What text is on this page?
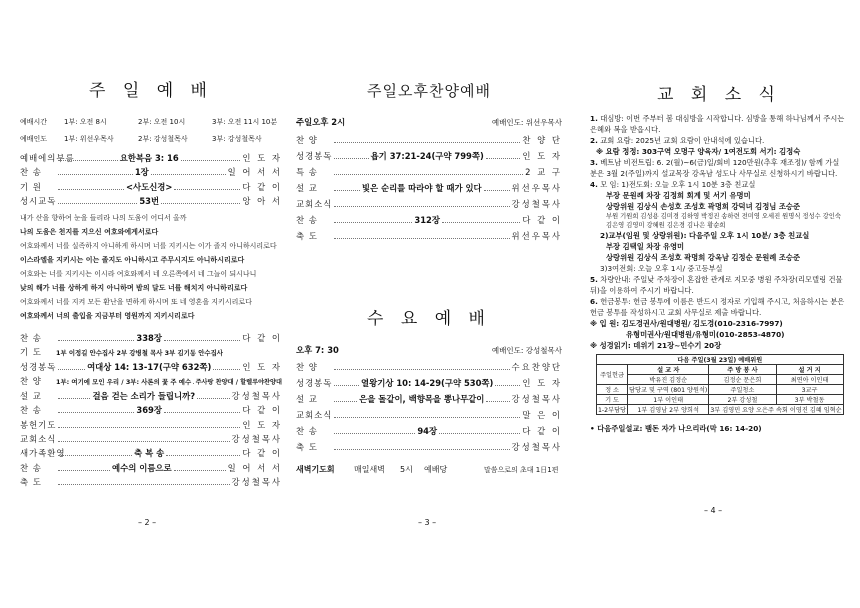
주 일 예 배
예배시간	1부: 오전 8시	2부: 오전 10시	3부: 오전 11시 10분
예배인도	1부: 위선우목사	2부: 강성철목사	3부: 강성철목사
예배에의부름	요한복음 3: 16	인 도 자
찬 송	1장	일 어 서 서
기 원	<사도신경>	다 같 이
성시교독	53번	앙 아 서
내가 산을 향하여 눈을 들리라 나의 도움이 어디서 올까
나의 도움은 천지를 지으신 여호와에게서로다
여호와께서 너를 실족하지 아니하게 하시며 너를 지키시는 이가 졸지 아니하시리로다
이스라엘을 지키시는 이는 졸지도 아니하시고 주무시지도 아니하시리로다
여호와는 너를 지키시는 이시라 여호와께서 네 오른쪽에서 네 그늘이 되시나니
낮의 해가 너를 상하게 하지 아니하며 밤의 달도 너를 해치지 아니하리로다
여호와께서 너를 지켜 모든 환난을 면하게 하시며 또 네 영혼을 지키시리로다
여호와께서 너의 출입을 지금부터 영원까지 지키시리로다
찬 송	338장	다 같 이
기 도	1부 이정길 안수집사 2부 강병철 목사 3부 김기동 안수집사
성경봉독	여대상 14: 13-17(구약 632쪽)	인 도 자
찬 양	1부: 여기에 모인 우리 / 3부: 사론의 꽃 주 예수 주사랑 찬양대 / 할렐루야찬양대
설 교	걸음 걷는 소리가 들립니까?	강성철목사
찬 송	369장	다 같 이
봉헌기도	인 도 자
교회소식	강성철목사
새가족환영	축 복 송	다 같 이
찬 송	예수의 이름으로	일 어 서 서
축 도	강성철목사
– 2 –
주일오후찬양예배
주일오후 2시	예배인도: 위선우목사
찬 양	찬 양 단
성경봉독	욥기 37:21-24(구약 799쪽)	인 도 자
특 송	2 교 구
설 교	빛은 순리를 따라야 할 때가 있다	위선우목사
교회소식	강성철목사
찬 송	312장	다 같 이
축 도	위선우목사
수 요 예 배
오후 7: 30	예배인도: 강성철목사
찬 양	수요찬양단
성경봉독	열왕기상 10: 14-29(구약 530쪽)	인 도 자
설 교	은을 돌같이, 백향목을 뽕나무같이	강성철목사
교회소식	말 은 이
찬 송	94장	다 같 이
축 도	강성철목사
새벽기도회	매일새벽	5시	예배당	말씀으로의 초대 1日1편
– 3 –
교 회 소 식

1. 대심방: 이번 주부터 봄 대심방을 시작합니다. 심방을 통해 하나님께서 주시는 은혜와 복을 받읍시다.

2. 교회 요람: 2025년 교회 요람이 안내석에 있습니다.

※ 요람 정정: 303구역 오명구 양육자/ 1여전도회 서기: 김정숙

3. 베트남 비전트립: 6. 2(월)~6(금)일/회비 120만원(추후 재조정)/ 함께 가실 분은 3월 2(주일)까지 설교목장 강옥남 성도나 사무실로 신청하시기 바랍니다.

4. 모 임: 1)전도회: 오늘 오후 1시 10분 3층 친교실

부장 문원례 차장 김정희 회계 및 서기 유명미

상랑위원 김상식 손성호 조성호 곽명희 강덕녀 김정님 조승준

부원 기원희 김성용 김미경 김하영 박정진 송하련 전미영 오세진 원명식 정성수 강인숙 김은영 김영미 강혜원 김은경 김나은 황순희

2)교부(임원 및 상랑위원): 다음주일 오후 1시 10분/ 3층 친교실

부장 김택일 차장 유영미

상랑위원 김상식 조성호 곽명희 강옥남 김정순 문원례 조승준

3)3여전회: 오늘 오후 1시/ 중고등부실

5. 차량안내: 주일낮 주차장이 혼잡한 관계로 지모중 병원 주차장(리모델링 건물 뒤)을 이용하여 주시기 바랍니다.

6. 헌금봉투: 헌금 봉투에 이름은 반드시 정자로 기입해 주시고, 처음하시는 분은 헌금 봉투를 작성하시고 교회 사무실로 제출 바랍니다.

※ 입 원: 김도경권사/원대병원/ 김도경(010-2316-7997)

유형미권사/원대병원/유형미(010-2853-4870)

※ 성경읽기: 데위기 21장~민수기 20장

다음 주일(3월 23일) 예배위원			
주일헌금	설 교 자	주 방 봉 사	설 거 지
	박유진 김정순	김정순 문은희	최연아 이인태
정 소	담당교 및 구역 (801 양원석)	주일청소	3교구
기 도	1부 이인태	2부 강성철	3부 박철동
1-2부담당	1부 김영남 2부 양희석	3부 김영민 요양 오은주 속회 이영진 김혜 임혁순	
• 다음주일설교: 뱀돈 자가 나으리라(막 16: 14-20)
– 4 –
